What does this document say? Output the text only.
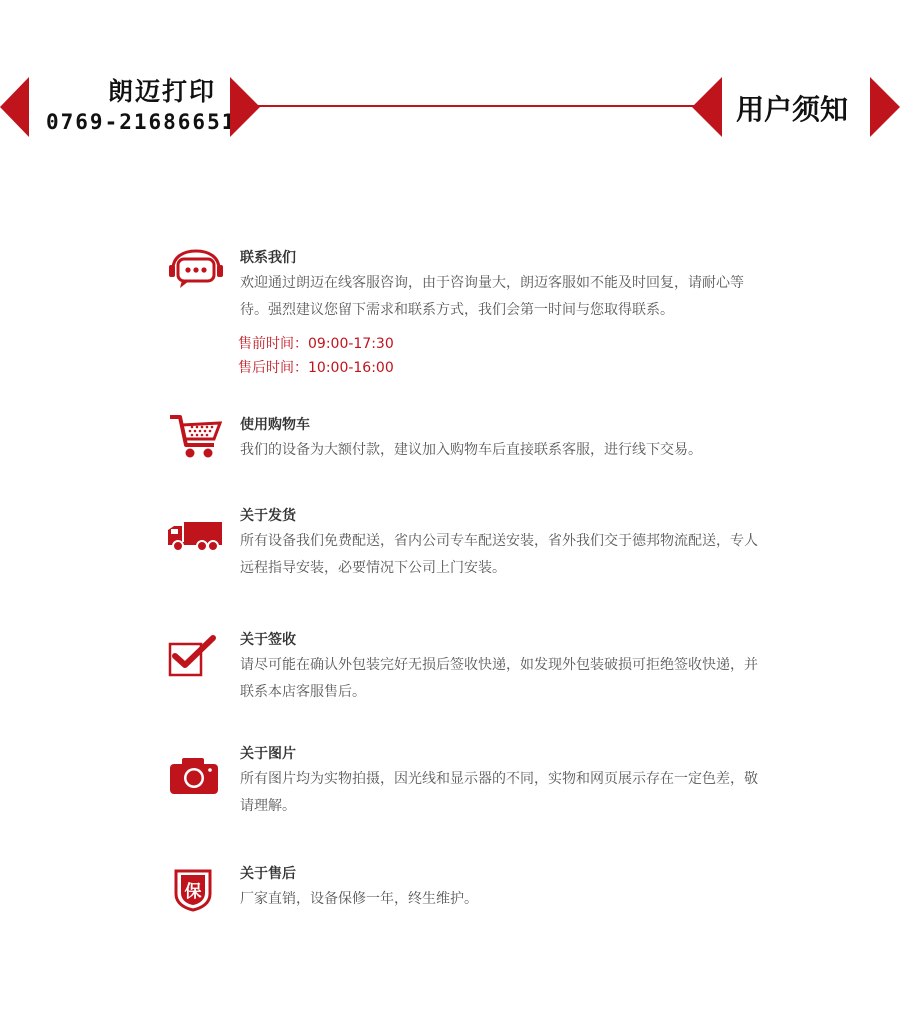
朗迈打印
0769-21686651	用户须知
联系我们
欢迎通过朗迈在线客服咨询，由于咨询量大，朗迈客服如不能及时回复，请耐心等待。强烈建议您留下需求和联系方式，我们会第一时间与您取得联系。
售前时间：09:00-17:30
售后时间：10:00-16:00
使用购物车
我们的设备为大额付款，建议加入购物车后直接联系客服，进行线下交易。
关于发货
所有设备我们免费配送，省内公司专车配送安装，省外我们交于德邦物流配送，专人远程指导安装，必要情况下公司上门安装。
关于签收
请尽可能在确认外包装完好无损后签收快递，如发现外包装破损可拒绝签收快递，并联系本店客服售后。
关于图片
所有图片均为实物拍摄，因光线和显示器的不同，实物和网页展示存在一定色差，敬请理解。
保
关于售后
厂家直销，设备保修一年，终生维护。
